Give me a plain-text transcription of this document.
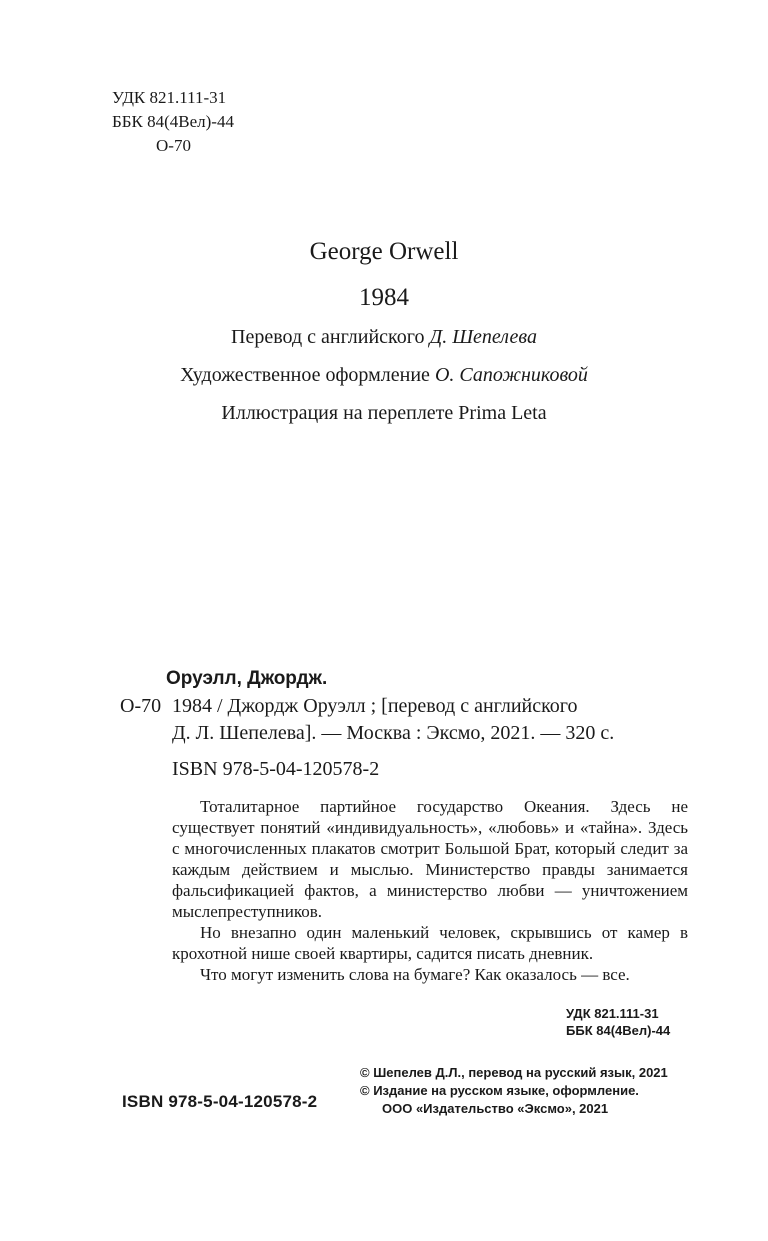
УДК 821.111-31
ББК 84(4Вел)-44
О-70
George Orwell
1984
Перевод с английского Д. Шепелева
Художественное оформление О. Сапожниковой
Иллюстрация на переплете Prima Leta
Оруэлл, Джордж.
О-70 1984 / Джордж Оруэлл ; [перевод с английского
Д. Л. Шепелева]. — Москва : Эксмо, 2021. — 320 с.
ISBN 978-5-04-120578-2

Тоталитарное партийное государство Океания. Здесь не существует понятий «индивидуальность», «любовь» и «тайна». Здесь с многочисленных плакатов смотрит Большой Брат, который следит за каждым действием и мыслью. Министерство правды занимается фальсификацией фактов, а министерство любви — уничтожением мыслепреступников.

Но внезапно один маленький человек, скрывшись от камер в крохотной нише своей квартиры, садится писать дневник.

Что могут изменить слова на бумаге? Как оказалось — все.

УДК 821.111-31
ББК 84(4Вел)-44
© Шепелев Д.Л., перевод на русский язык, 2021
© Издание на русском языке, оформление.
ООО «Издательство «Эксмо», 2021
ISBN 978-5-04-120578-2
